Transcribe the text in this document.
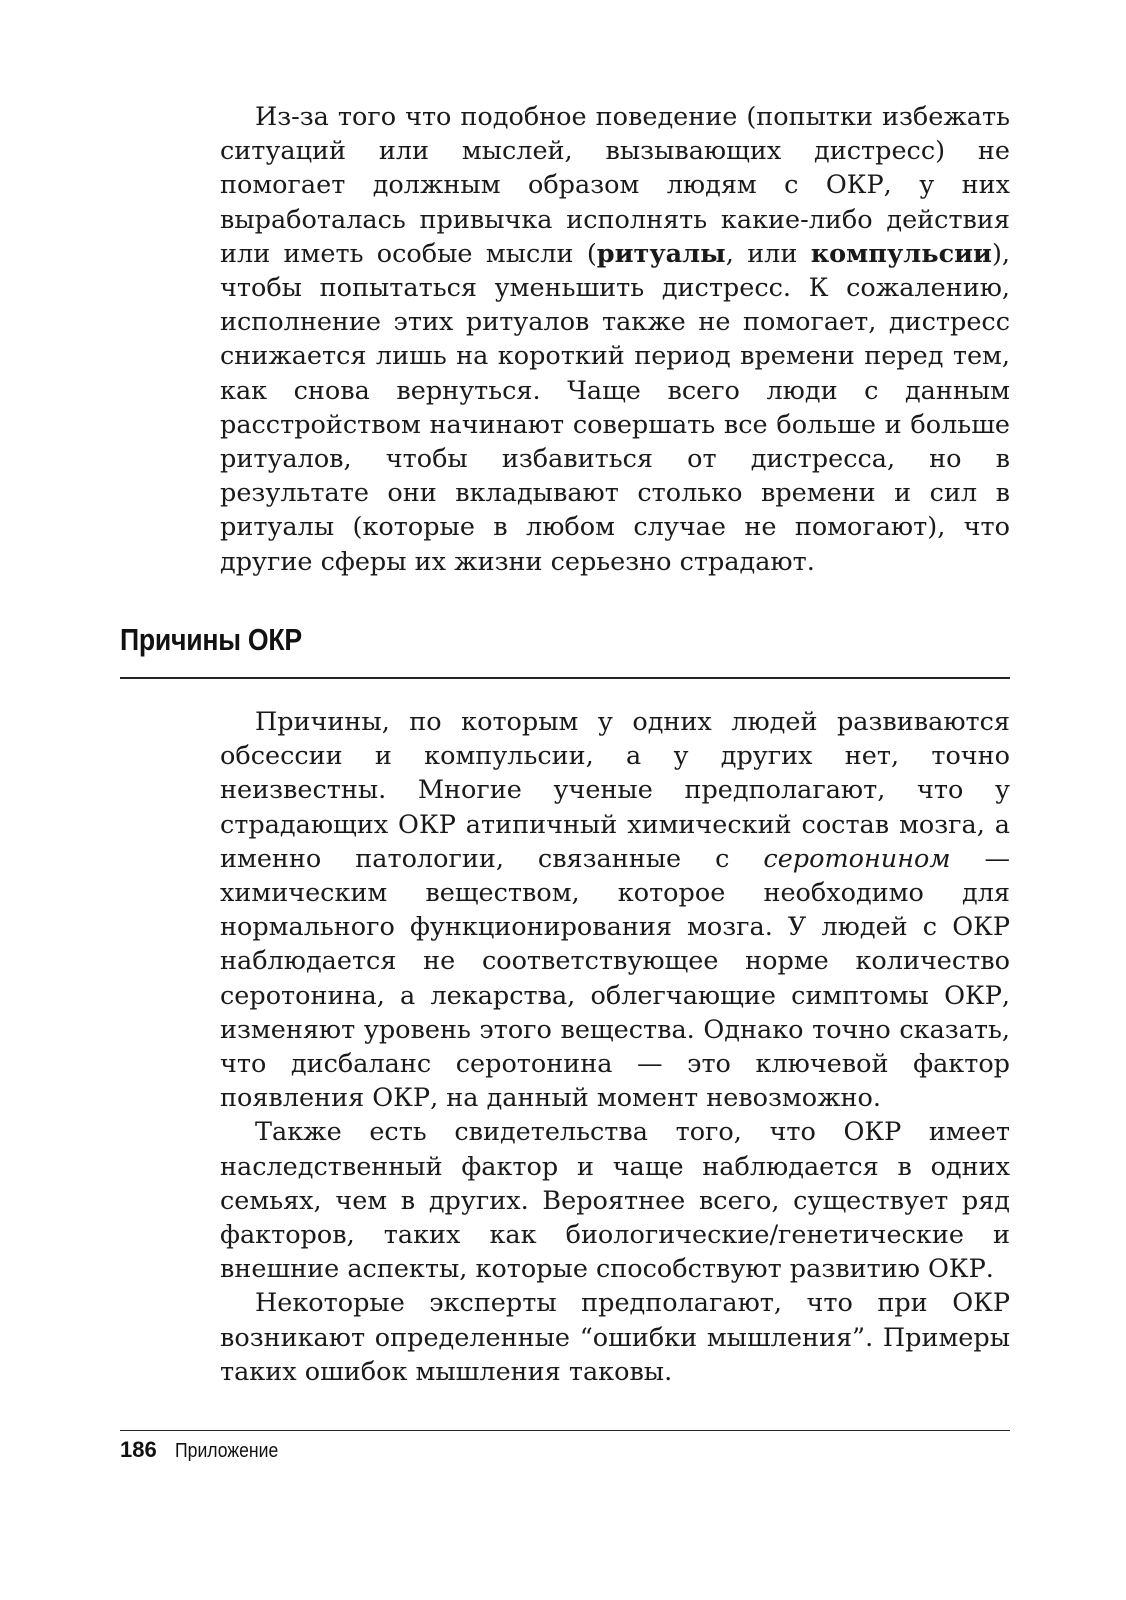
Из-за того что подобное поведение (попытки избежать ситуаций или мыслей, вызывающих дистресс) не помогает должным образом людям с ОКР, у них выработалась привычка исполнять какие-либо действия или иметь особые мысли (ритуалы, или компульсии), чтобы попытаться уменьшить дистресс. К сожалению, исполнение этих ритуалов также не помогает, дистресс снижается лишь на короткий период времени перед тем, как снова вернуться. Чаще всего люди с данным расстройством начинают совершать все больше и больше ритуалов, чтобы избавиться от дистресса, но в результате они вкладывают столько времени и сил в ритуалы (которые в любом случае не помогают), что другие сферы их жизни серьезно страдают.

Причины ОКР

Причины, по которым у одних людей развиваются обсессии и компульсии, а у других нет, точно неизвестны. Многие ученые предполагают, что у страдающих ОКР атипичный химический состав мозга, а именно патологии, связанные с серотонином — химическим веществом, которое необходимо для нормального функционирования мозга. У людей с ОКР наблюдается не соответствующее норме количество серотонина, а лекарства, облегчающие симптомы ОКР, изменяют уровень этого вещества. Однако точно сказать, что дисбаланс серотонина — это ключевой фактор появления ОКР, на данный момент невозможно.

Также есть свидетельства того, что ОКР имеет наследственный фактор и чаще наблюдается в одних семьях, чем в других. Вероятнее всего, существует ряд факторов, таких как биологические/генетические и внешние аспекты, которые способствуют развитию ОКР.

Некоторые эксперты предполагают, что при ОКР возникают определенные “ошибки мышления”. Примеры таких ошибок мышления таковы.

186 Приложение
